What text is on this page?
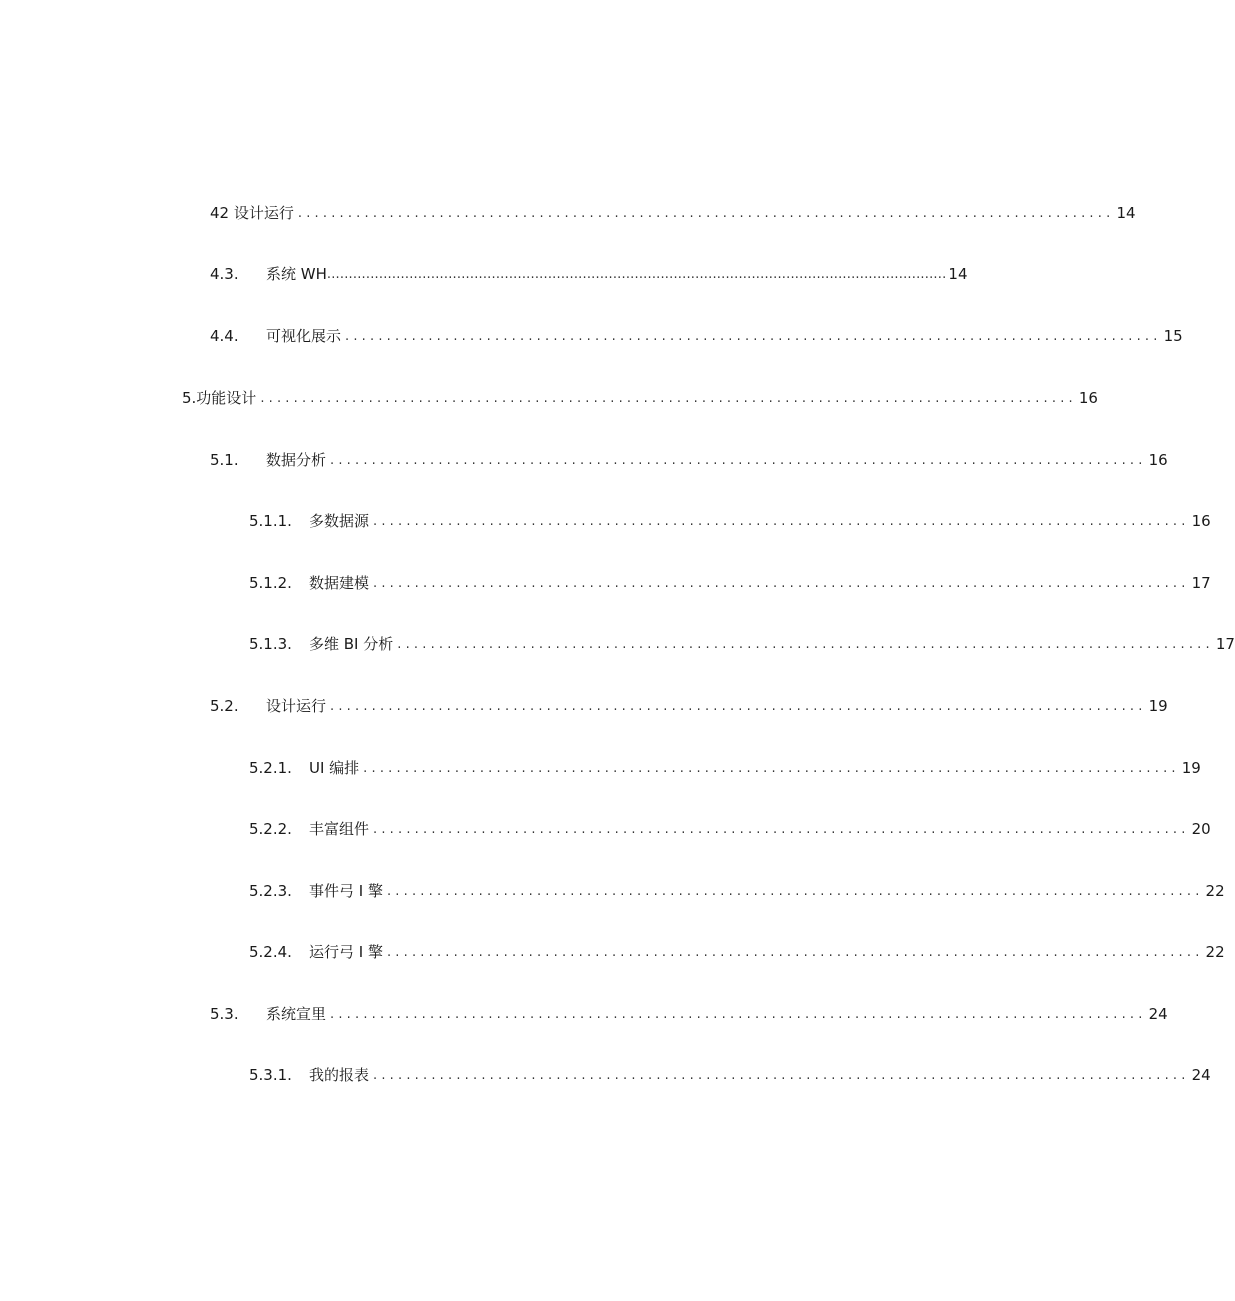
42 设计运行 .................................................................................................. 14
4.3.	系统 WH ............................................................................................................................................... 14
4.4.	可视化展示 .................................................................................................. 15
5.功能设计 .................................................................................................. 16
5.1.	数据分析 .................................................................................................. 16
5.1.1.	多数据源 .................................................................................................. 16
5.1.2.	数据建模 .................................................................................................. 17
5.1.3.	多维 BI 分析 .................................................................................................. 17
5.2.	设计运行 .................................................................................................. 19
5.2.1.	UI 编排 .................................................................................................. 19
5.2.2.	丰富组件 .................................................................................................. 20
5.2.3.	事件弓 I 擎 .................................................................................................. 22
5.2.4.	运行弓 I 擎 .................................................................................................. 22
5.3.	系统宣里 .................................................................................................. 24
5.3.1.	我的报表 .................................................................................................. 24
